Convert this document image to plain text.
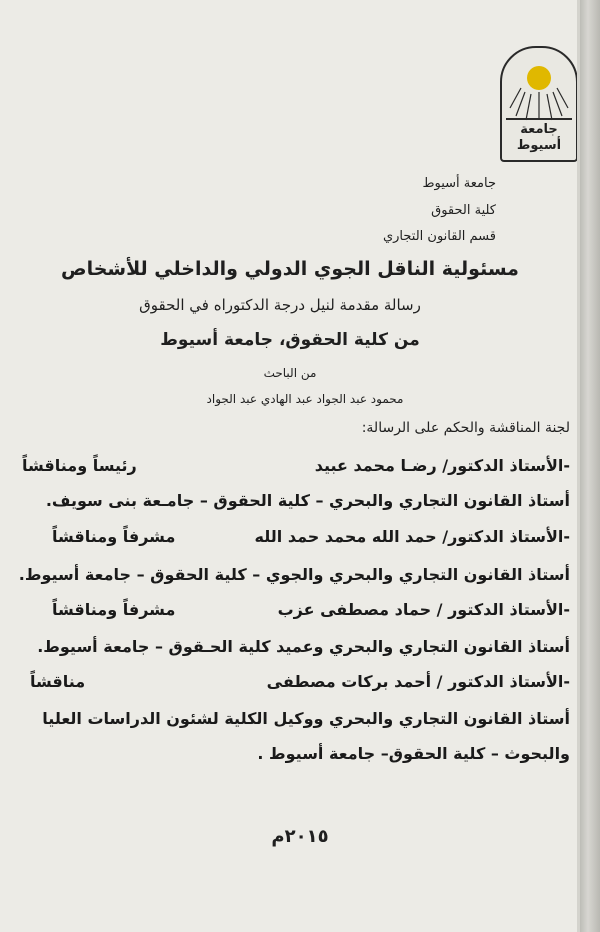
جامعة أسيوط
جامعة أسيوط
كلية الحقوق
قسم القانون التجاري
مسئولية الناقل الجوي الدولي والداخلي للأشخاص
رسالة مقدمة لنيل درجة الدكتوراه في الحقوق
من كلية الحقوق، جامعة أسيوط
من الباحث
محمود عبد الجواد عبد الهادي عبد الجواد
لجنة المناقشة والحكم على الرسالة:
-الأستاذ الدكتور/ رضـا محمد عبيد
رئيساً ومناقشاً
أستاذ القانون التجاري والبحري – كلية الحقوق – جامـعة بنى سويف.
-الأستاذ الدكتور/ حمد الله محمد حمد الله
مشرفاً ومناقشاً
أستاذ القانون التجاري والبحري والجوي – كلية الحقوق – جامعة أسيوط.
-الأستاذ الدكتور / حماد مصطفى عزب
مشرفاً ومناقشاً
أستاذ القانون التجاري والبحري وعميد كلية الحـقوق – جامعة أسيوط.
-الأستاذ الدكتور / أحمد بركات مصطفى
مناقشاً
أستاذ القانون التجاري والبحري ووكيل الكلية لشئون الدراسات العليا
والبحوث – كلية الحقوق– جامعة أسيوط .
٢٠١٥م
